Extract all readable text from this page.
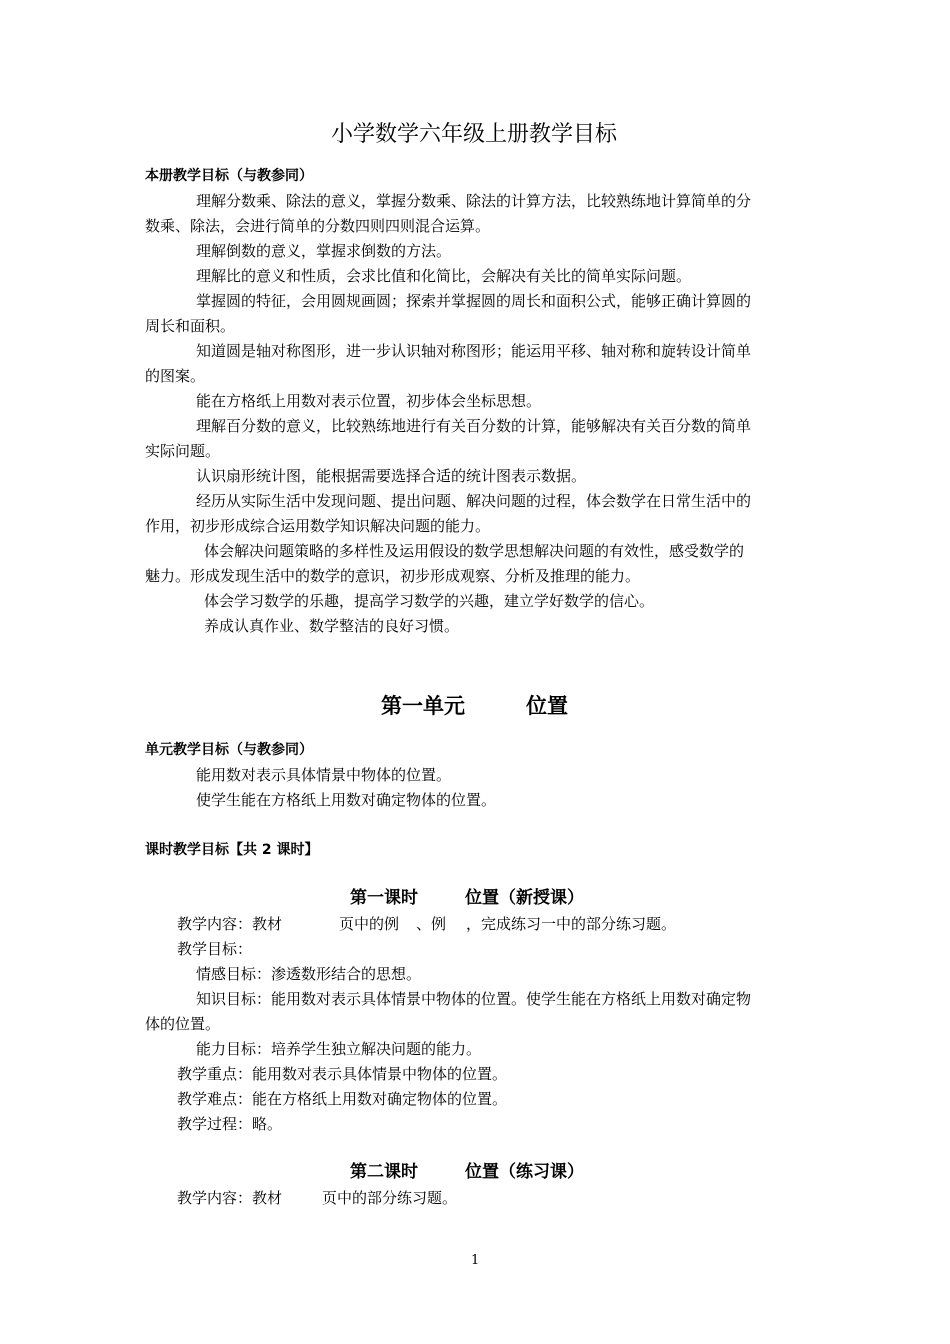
小学数学六年级上册教学目标
本册教学目标（与教参同）
理解分数乘、除法的意义，掌握分数乘、除法的计算方法，比较熟练地计算简单的分
数乘、除法，会进行简单的分数四则四则混合运算。
理解倒数的意义，掌握求倒数的方法。
理解比的意义和性质，会求比值和化简比，会解决有关比的简单实际问题。
掌握圆的特征，会用圆规画圆；探索并掌握圆的周长和面积公式，能够正确计算圆的
周长和面积。
知道圆是轴对称图形，进一步认识轴对称图形；能运用平移、轴对称和旋转设计简单
的图案。
能在方格纸上用数对表示位置，初步体会坐标思想。
理解百分数的意义，比较熟练地进行有关百分数的计算，能够解决有关百分数的简单
实际问题。
认识扇形统计图，能根据需要选择合适的统计图表示数据。
经历从实际生活中发现问题、提出问题、解决问题的过程，体会数学在日常生活中的
作用，初步形成综合运用数学知识解决问题的能力。
体会解决问题策略的多样性及运用假设的数学思想解决问题的有效性，感受数学的
魅力。形成发现生活中的数学的意识，初步形成观察、分析及推理的能力。
体会学习数学的乐趣，提高学习数学的兴趣，建立学好数学的信心。
养成认真作业、数学整洁的良好习惯。
第一单元	位置
单元教学目标（与教参同）
能用数对表示具体情景中物体的位置。
使学生能在方格纸上用数对确定物体的位置。
课时教学目标【共 2 课时】
第一课时	位置（新授课）
教学内容：教材	页中的例 、例 ，完成练习一中的部分练习题。
教学目标：
情感目标：渗透数形结合的思想。
知识目标：能用数对表示具体情景中物体的位置。使学生能在方格纸上用数对确定物
体的位置。
能力目标：培养学生独立解决问题的能力。
教学重点：能用数对表示具体情景中物体的位置。
教学难点：能在方格纸上用数对确定物体的位置。
教学过程：略。
第二课时	位置（练习课）
教学内容：教材	页中的部分练习题。
1
